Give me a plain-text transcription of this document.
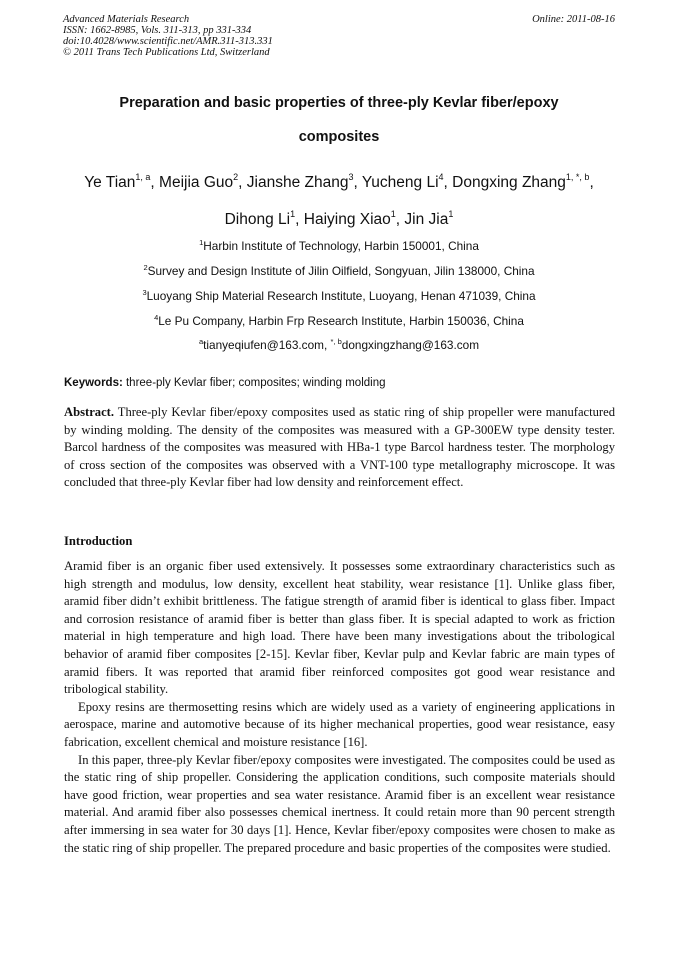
Advanced Materials Research
ISSN: 1662-8985, Vols. 311-313, pp 331-334
doi:10.4028/www.scientific.net/AMR.311-313.331
© 2011 Trans Tech Publications Ltd, Switzerland
Online: 2011-08-16
Preparation and basic properties of three-ply Kevlar fiber/epoxy
composites
Ye Tian$^{1, a}$, Meijia Guo$^2$, Jianshe Zhang$^3$, Yucheng Li$^4$, Dongxing Zhang$^{1, *, b}$,
Dihong Li$^1$, Haiying Xiao$^1$, Jin Jia$^1$
$^1$Harbin Institute of Technology, Harbin 150001, China
$^2$Survey and Design Institute of Jilin Oilfield, Songyuan, Jilin 138000, China
$^3$Luoyang Ship Material Research Institute, Luoyang, Henan 471039, China
$^4$Le Pu Company, Harbin Frp Research Institute, Harbin 150036, China
$^a$tianyeqiufen@163.com, $^{*, b}$dongxingzhang@163.com
Keywords: three-ply Kevlar fiber; composites; winding molding
Abstract. Three-ply Kevlar fiber/epoxy composites used as static ring of ship propeller were manufactured by winding molding. The density of the composites was measured with a GP-300EW type density tester. Barcol hardness of the composites was measured with HBa-1 type Barcol hardness tester. The morphology of cross section of the composites was observed with a VNT-100 type metallography microscope. It was concluded that three-ply Kevlar fiber had low density and reinforcement effect.
Introduction

Aramid fiber is an organic fiber used extensively. It possesses some extraordinary characteristics such as high strength and modulus, low density, excellent heat stability, wear resistance [1]. Unlike glass fiber, aramid fiber didn’t exhibit brittleness. The fatigue strength of aramid fiber is identical to glass fiber. Impact and corrosion resistance of aramid fiber is better than glass fiber. It is special adapted to work as friction material in high temperature and high load. There have been many investigations about the tribological behavior of aramid fiber composites [2-15]. Kevlar fiber, Kevlar pulp and Kevlar fabric are main types of aramid fibers. It was reported that aramid fiber reinforced composites got good wear resistance and tribological stability.

Epoxy resins are thermosetting resins which are widely used as a variety of engineering applications in aerospace, marine and automotive because of its higher mechanical properties, good wear resistance, easy fabrication, excellent chemical and moisture resistance [16].

In this paper, three-ply Kevlar fiber/epoxy composites were investigated. The composites could be used as the static ring of ship propeller. Considering the application conditions, such composite materials should have good friction, wear properties and sea water resistance. Aramid fiber is an excellent wear resistance material. And aramid fiber also possesses chemical inertness. It could retain more than 90 percent strength after immersing in sea water for 30 days [1]. Hence, Kevlar fiber/epoxy composites were chosen to make as the static ring of ship propeller. The prepared procedure and basic properties of the composites were studied.
